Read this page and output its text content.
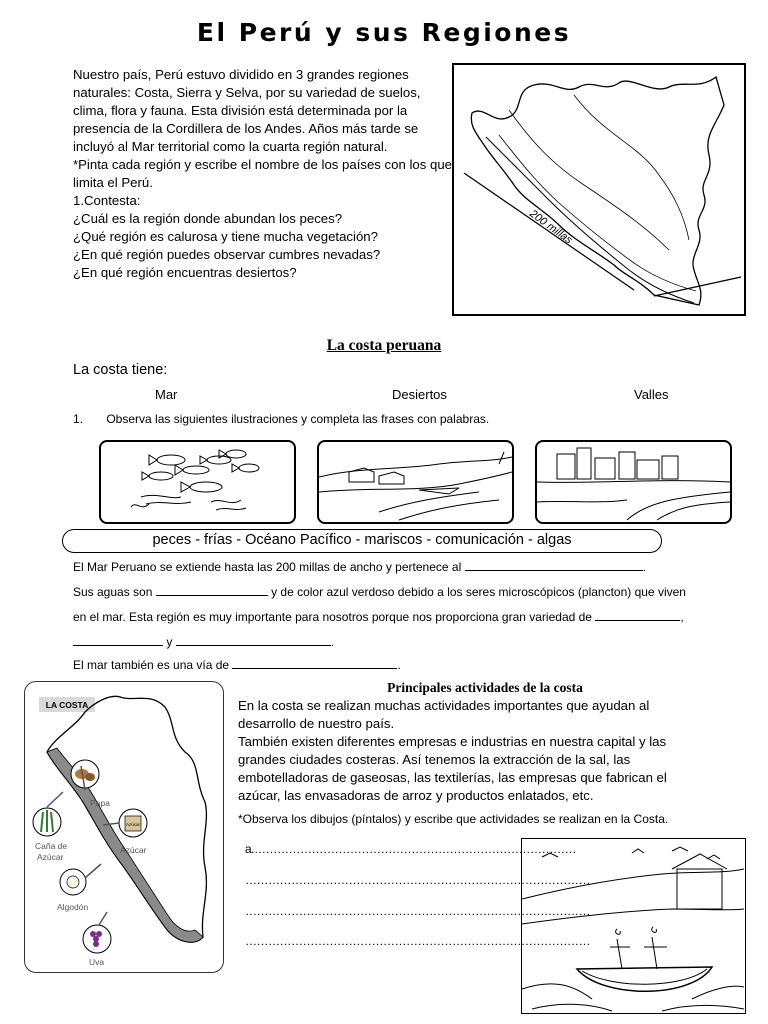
El Perú y sus Regiones

Nuestro país, Perú estuvo dividido en 3 grandes regiones naturales: Costa, Sierra y Selva, por su variedad de suelos, clima, flora y fauna. Esta división está determinada por la presencia de la Cordillera de los Andes. Años más tarde se incluyó al Mar territorial como la cuarta región natural.

*Pinta cada región y escribe el nombre de los países con los que limita el Perú.

1.Contesta:

¿Cuál es la región donde abundan los peces?

¿Qué región es calurosa y tiene mucha vegetación?

¿En qué región puedes observar cumbres nevadas?

¿En qué región encuentras desiertos?

200 millas
La costa peruana
La costa tiene:
Mar	Desiertos	Valles
1. Observa las siguientes ilustraciones y completa las frases con palabras.
peces - frías - Océano Pacífico - mariscos - comunicación - algas
El Mar Peruano se extiende hasta las 200 millas de ancho y pertenece al	.
Sus aguas son	y de color azul verdoso debido a los seres microscópicos (plancton) que viven
en el mar. Esta región es muy importante para nosotros porque nos proporciona gran variedad de	,
y	.
El mar también es una vía de	.
LA COSTA
Papa
Caña de
Azúcar
Azúcar
Azúcar
Algodón
Uva
Principales actividades de la costa

En la costa se realizan muchas actividades importantes que ayudan al desarrollo de nuestro país.

También existen diferentes empresas e industrias en nuestra capital y las grandes ciudades costeras. Así tenemos la extracción de la sal, las embotelladoras de gaseosas, las textilerías, las empresas que fabrican el azúcar, las envasadoras de arroz y productos enlatados, etc.

*Observa los dibujos (píntalos) y escribe que actividades se realizan en la Costa.
a.…………………………………………………………………………
………………………………………………………………………………
………………………………………………………………………………
………………………………………………………………………………
